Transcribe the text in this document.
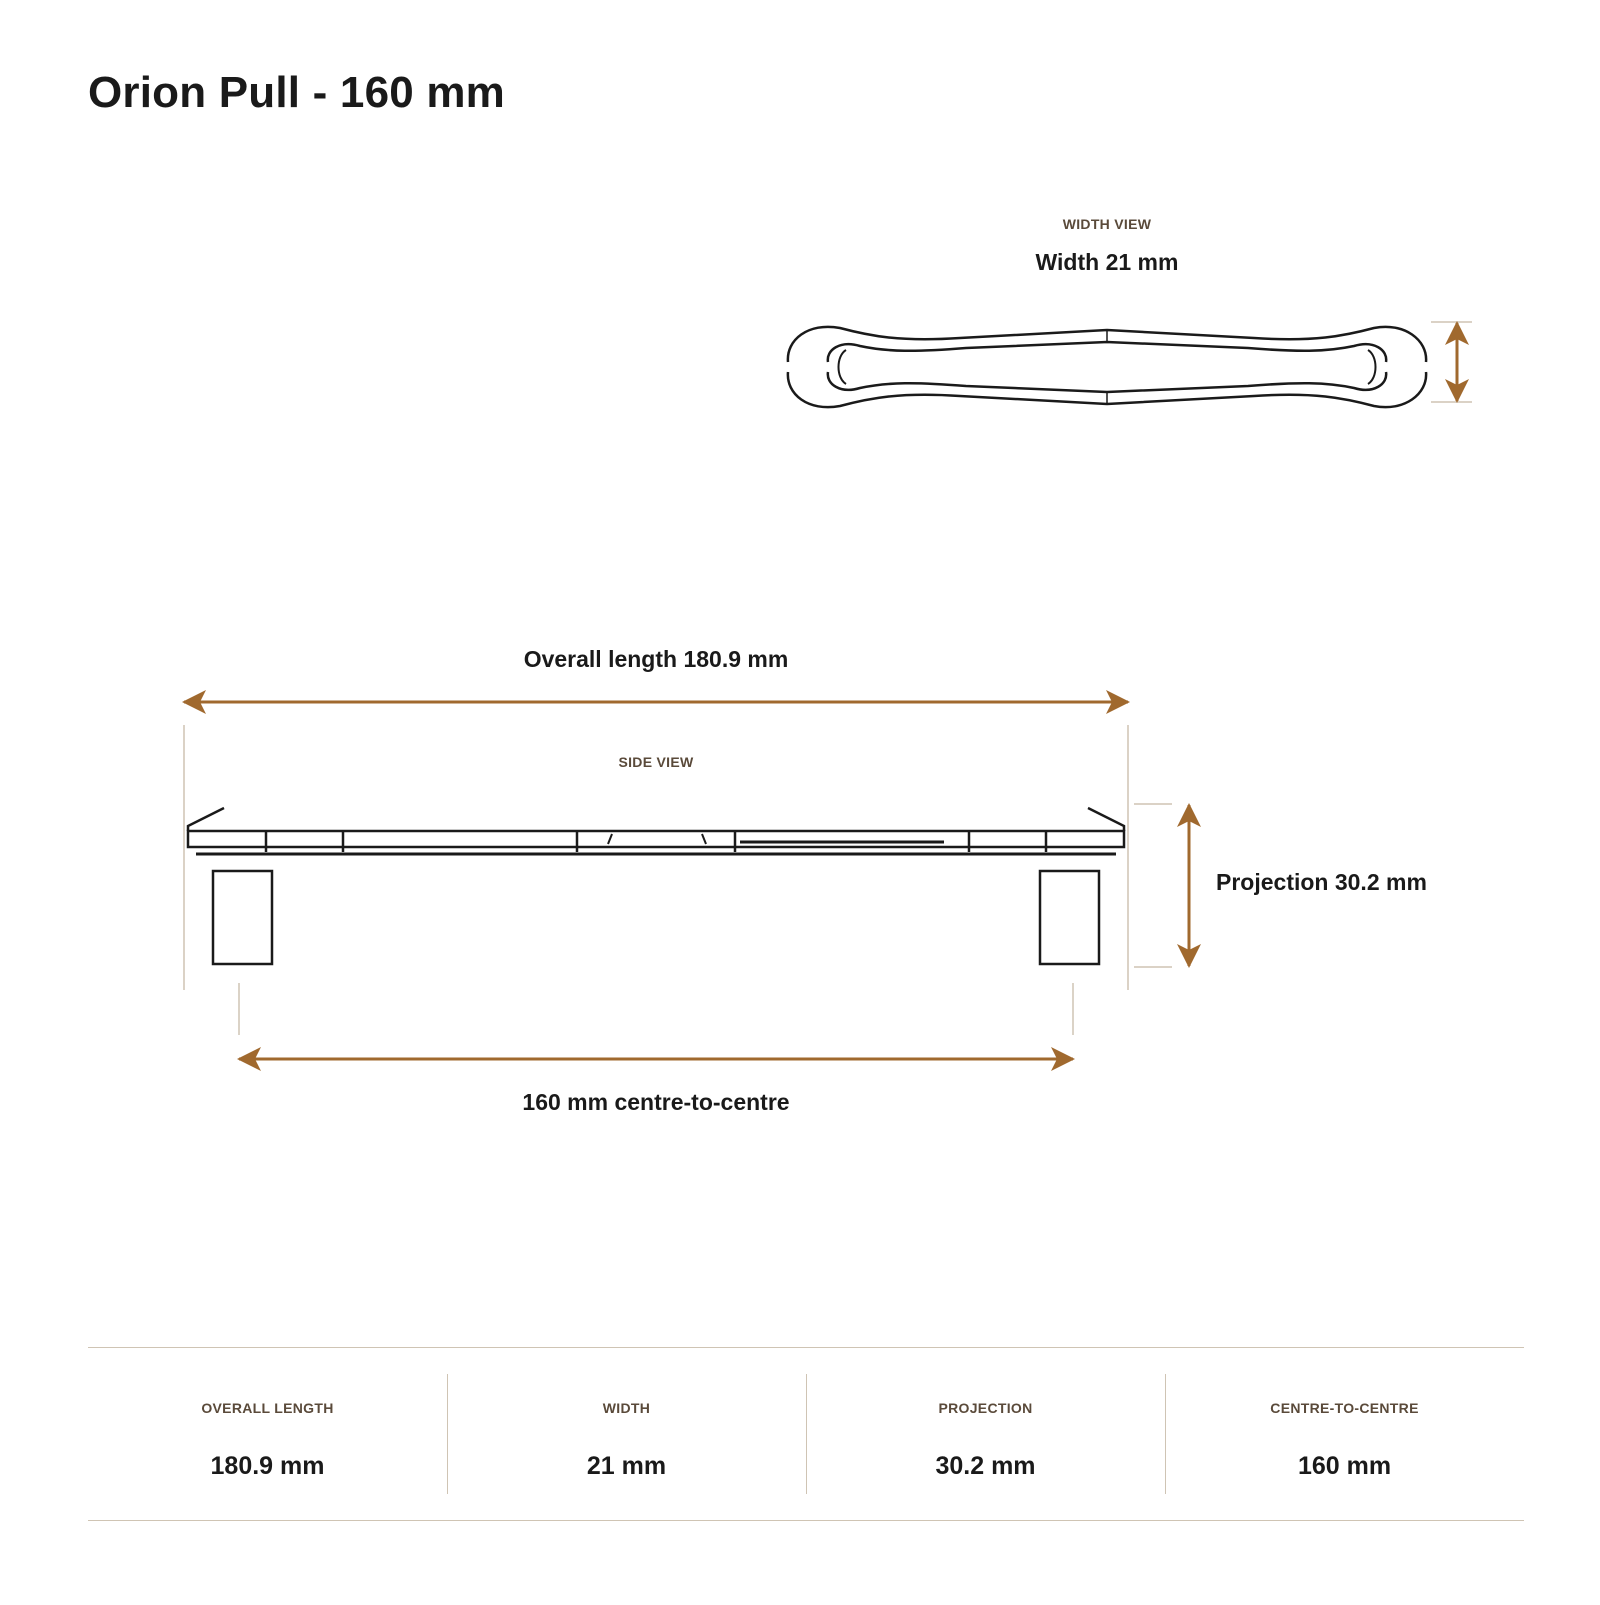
Orion Pull - 160 mm
WIDTH VIEW
Width 21 mm
Overall length 180.9 mm
SIDE VIEW
Projection 30.2 mm
160 mm centre-to-centre
OVERALL LENGTH
180.9 mm
WIDTH
21 mm
PROJECTION
30.2 mm
CENTRE-TO-CENTRE
160 mm
